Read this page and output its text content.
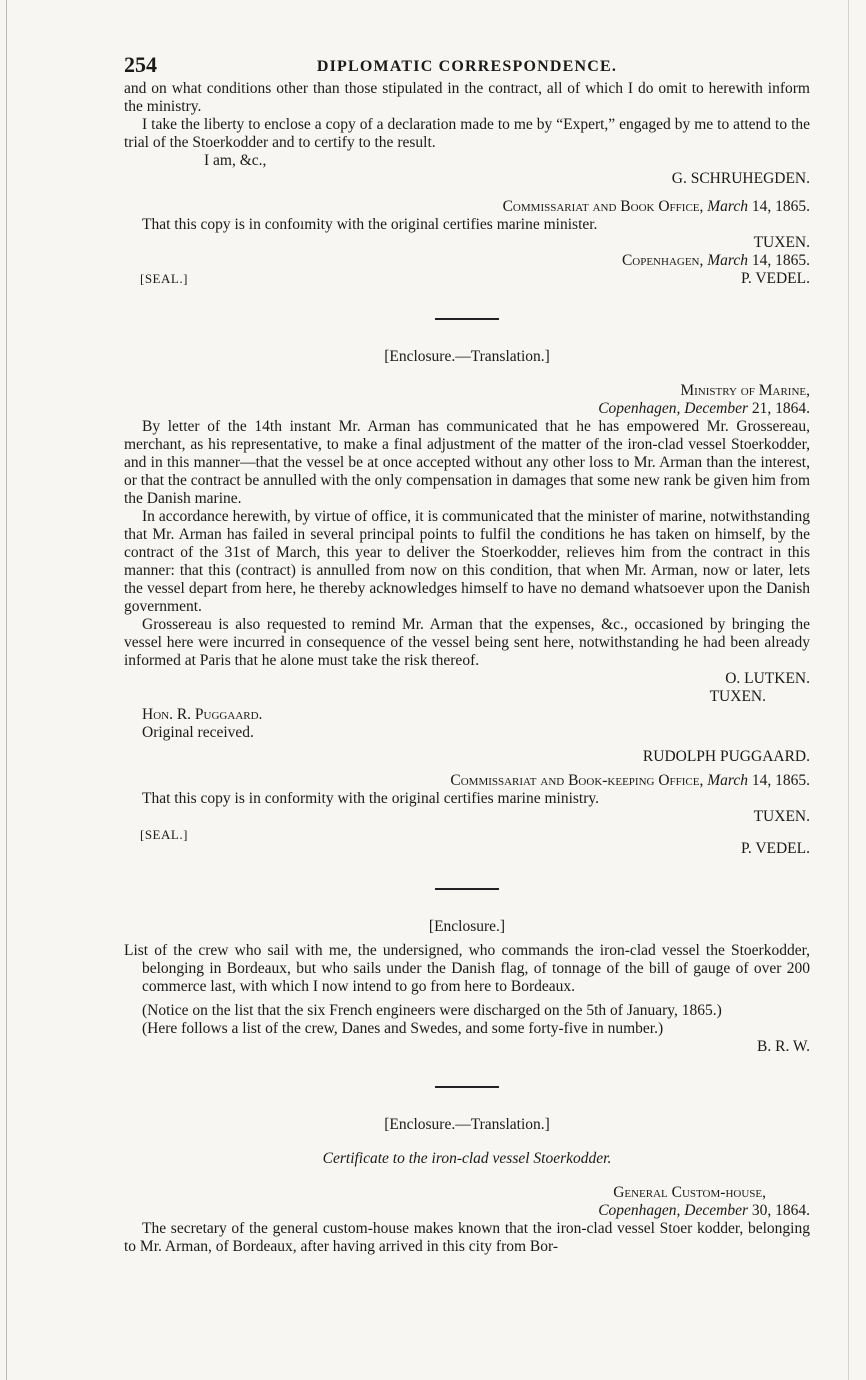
254	DIPLOMATIC CORRESPONDENCE.

and on what conditions other than those stipulated in the contract, all of which I do omit to herewith inform the ministry.

I take the liberty to enclose a copy of a declaration made to me by “Expert,” engaged by me to attend to the trial of the Stoerkodder and to certify to the result.

I am, &c.,

G. SCHRUHEGDEN.

Commissariat and Book Office, March 14, 1865.

That this copy is in confoımity with the original certifies marine minister.

TUXEN.

Copenhagen, March 14, 1865.

[SEAL.]	P. VEDEL.

[Enclosure.—Translation.]

Ministry of Marine,

Copenhagen, December 21, 1864.

By letter of the 14th instant Mr. Arman has communicated that he has empowered Mr. Grossereau, merchant, as his representative, to make a final adjustment of the matter of the iron-clad vessel Stoerkodder, and in this manner—that the vessel be at once accepted without any other loss to Mr. Arman than the interest, or that the contract be annulled with the only compensation in damages that some new rank be given him from the Danish marine.

In accordance herewith, by virtue of office, it is communicated that the minister of marine, notwithstanding that Mr. Arman has failed in several principal points to fulfil the conditions he has taken on himself, by the contract of the 31st of March, this year to deliver the Stoerkodder, relieves him from the contract in this manner: that this (contract) is annulled from now on this condition, that when Mr. Arman, now or later, lets the vessel depart from here, he thereby acknowledges himself to have no demand whatsoever upon the Danish government.

Grossereau is also requested to remind Mr. Arman that the expenses, &c., occasioned by bringing the vessel here were incurred in consequence of the vessel being sent here, notwithstanding he had been already informed at Paris that he alone must take the risk thereof.

O. LUTKEN.

TUXEN.

Hon. R. Puggaard.

Original received.

RUDOLPH PUGGAARD.

Commissariat and Book-keeping Office, March 14, 1865.

That this copy is in conformity with the original certifies marine ministry.

TUXEN.

[SEAL.]
P. VEDEL.

[Enclosure.]

List of the crew who sail with me, the undersigned, who commands the iron-clad vessel the Stoerkodder, belonging in Bordeaux, but who sails under the Danish flag, of tonnage of the bill of gauge of over 200 commerce last, with which I now intend to go from here to Bordeaux.

(Notice on the list that the six French engineers were discharged on the 5th of January, 1865.)

(Here follows a list of the crew, Danes and Swedes, and some forty-five in number.)

B. R. W.

[Enclosure.—Translation.]

Certificate to the iron-clad vessel Stoerkodder.

General Custom-house,

Copenhagen, December 30, 1864.

The secretary of the general custom-house makes known that the iron-clad vessel Stoer kodder, belonging to Mr. Arman, of Bordeaux, after having arrived in this city from Bor-
